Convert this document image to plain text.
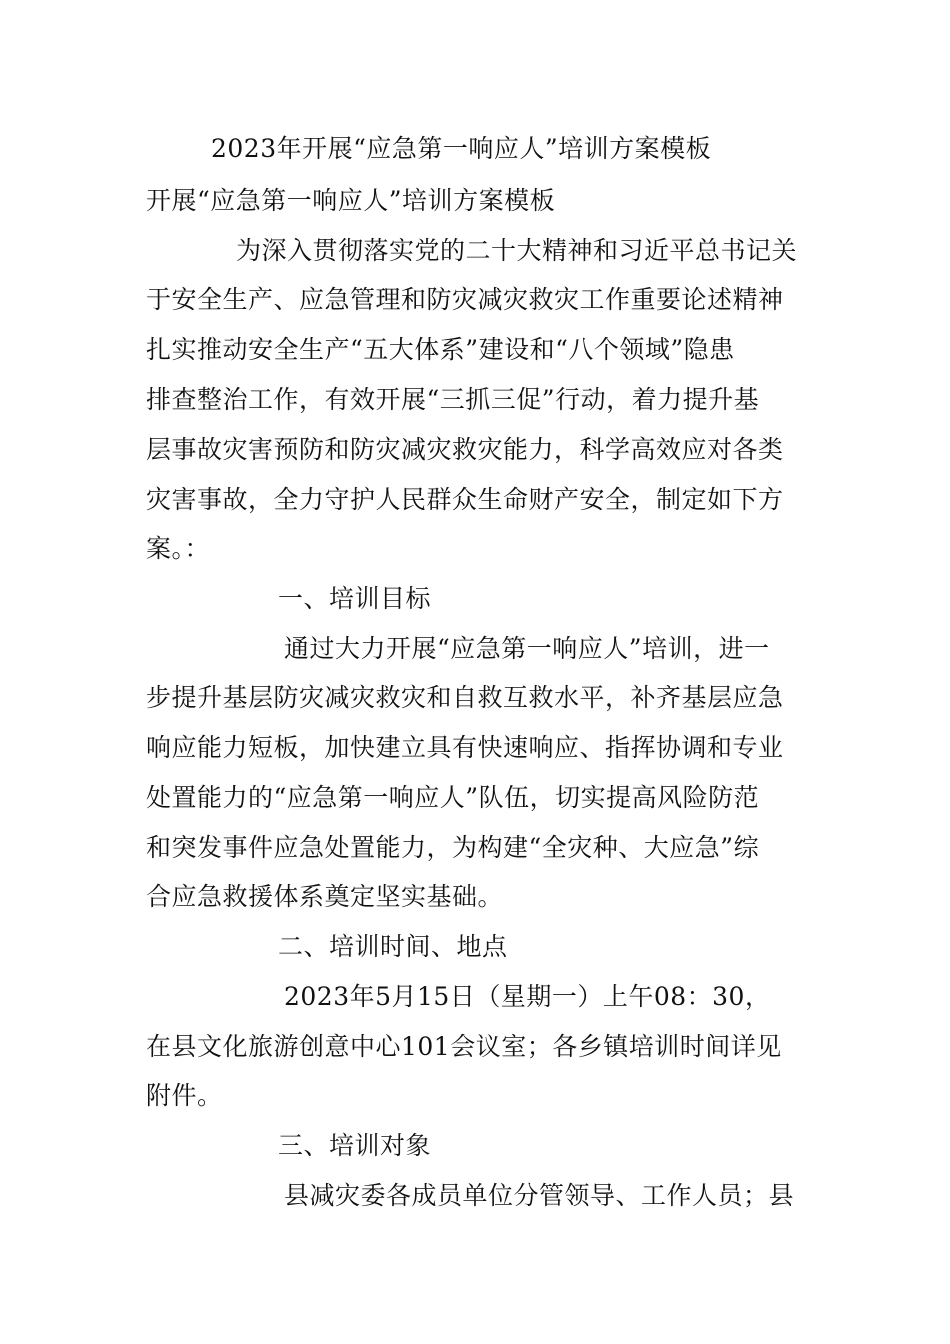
2023年开展“应急第一响应人”培训方案模板
开展“应急第一响应人”培训方案模板
为深入贯彻落实党的二十大精神和习近平总书记关
于安全生产、应急管理和防灾减灾救灾工作重要论述精神
扎实推动安全生产“五大体系”建设和“八个领域”隐患
排查整治工作，有效开展“三抓三促”行动，着力提升基
层事故灾害预防和防灾减灾救灾能力，科学高效应对各类
灾害事故，全力守护人民群众生命财产安全，制定如下方
案。：
一、培训目标
通过大力开展“应急第一响应人”培训，进一
步提升基层防灾减灾救灾和自救互救水平，补齐基层应急
响应能力短板，加快建立具有快速响应、指挥协调和专业
处置能力的“应急第一响应人”队伍，切实提高风险防范
和突发事件应急处置能力，为构建“全灾种、大应急”综
合应急救援体系奠定坚实基础。
二、培训时间、地点
2023年5月15日（星期一）上午08：30，
在县文化旅游创意中心101会议室；各乡镇培训时间详见
附件。
三、培训对象
县减灾委各成员单位分管领导、工作人员；县
